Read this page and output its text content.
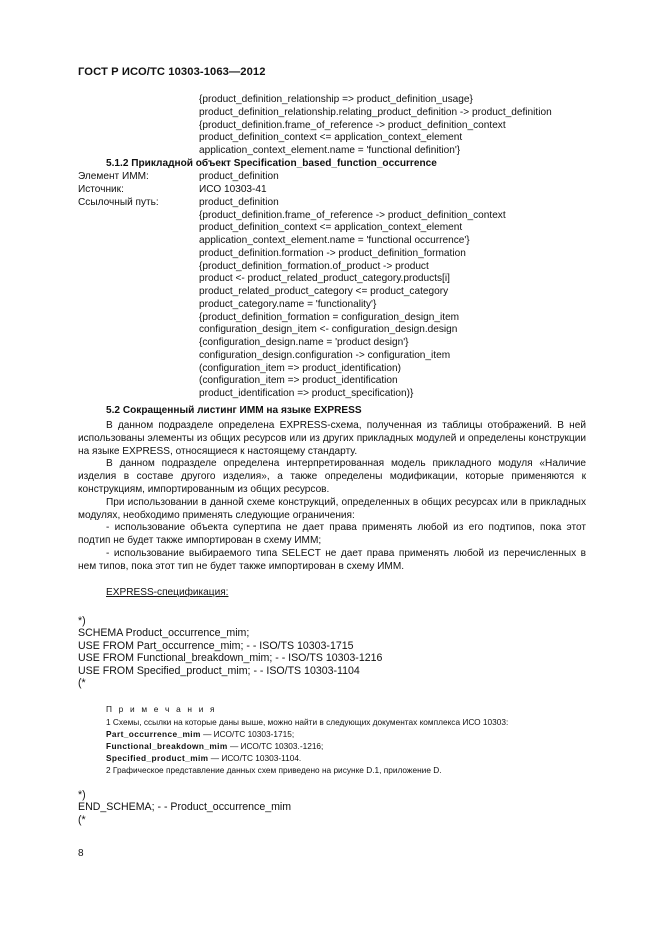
ГОСТ Р ИСО/ТС 10303-1063—2012
{product_definition_relationship => product_definition_usage}
product_definition_relationship.relating_product_definition -> product_definition
{product_definition.frame_of_reference -> product_definition_context
product_definition_context <= application_context_element
application_context_element.name = 'functional definition'}
5.1.2 Прикладной объект Specification_based_function_occurrence
Элемент ИММ:	product_definition
Источник:	ИСО 10303-41
Ссылочный путь:	product_definition
{product_definition.frame_of_reference -> product_definition_context
product_definition_context <= application_context_element
application_context_element.name = 'functional occurrence'}
product_definition.formation -> product_definition_formation
{product_definition_formation.of_product -> product
product <- product_related_product_category.products[i]
product_related_product_category <= product_category
product_category.name = 'functionality'}
{product_definition_formation = configuration_design_item
configuration_design_item <- configuration_design.design
{configuration_design.name = 'product design'}
configuration_design.configuration -> configuration_item
(configuration_item => product_identification)
(configuration_item => product_identification
product_identification => product_specification)}
5.2 Сокращенный листинг ИММ на языке EXPRESS

В данном подразделе определена EXPRESS-схема, полученная из таблицы отображений. В ней использованы элементы из общих ресурсов или из других прикладных модулей и определены конструкции на языке EXPRESS, относящиеся к настоящему стандарту.

В данном подразделе определена интерпретированная модель прикладного модуля «Наличие изделия в составе другого изделия», а также определены модификации, которые применяются к конструкциям, импортированным из общих ресурсов.

При использовании в данной схеме конструкций, определенных в общих ресурсах или в прикладных модулях, необходимо применять следующие ограничения:

- использование объекта супертипа не дает права применять любой из его подтипов, пока этот подтип не будет также импортирован в схему ИММ;

- использование выбираемого типа SELECT не дает права применять любой из перечисленных в нем типов, пока этот тип не будет также импортирован в схему ИММ.

EXPRESS-спецификация:
*)
SCHEMA Product_occurrence_mim;
USE FROM Part_occurrence_mim; - - ISO/TS 10303-1715
USE FROM Functional_breakdown_mim; - - ISO/TS 10303-1216
USE FROM Specified_product_mim; - - ISO/TS 10303-1104
(*
П р и м е ч а н и я
1 Схемы, ссылки на которые даны выше, можно найти в следующих документах комплекса ИСО 10303:
Part_occurrence_mim — ИСО/ТС 10303-1715;
Functional_breakdown_mim — ИСО/ТС 10303.-1216;
Specified_product_mim — ИСО/ТС 10303-1104.
2 Графическое представление данных схем приведено на рисунке D.1, приложение D.
*)
END_SCHEMA; - - Product_occurrence_mim
(*
8
